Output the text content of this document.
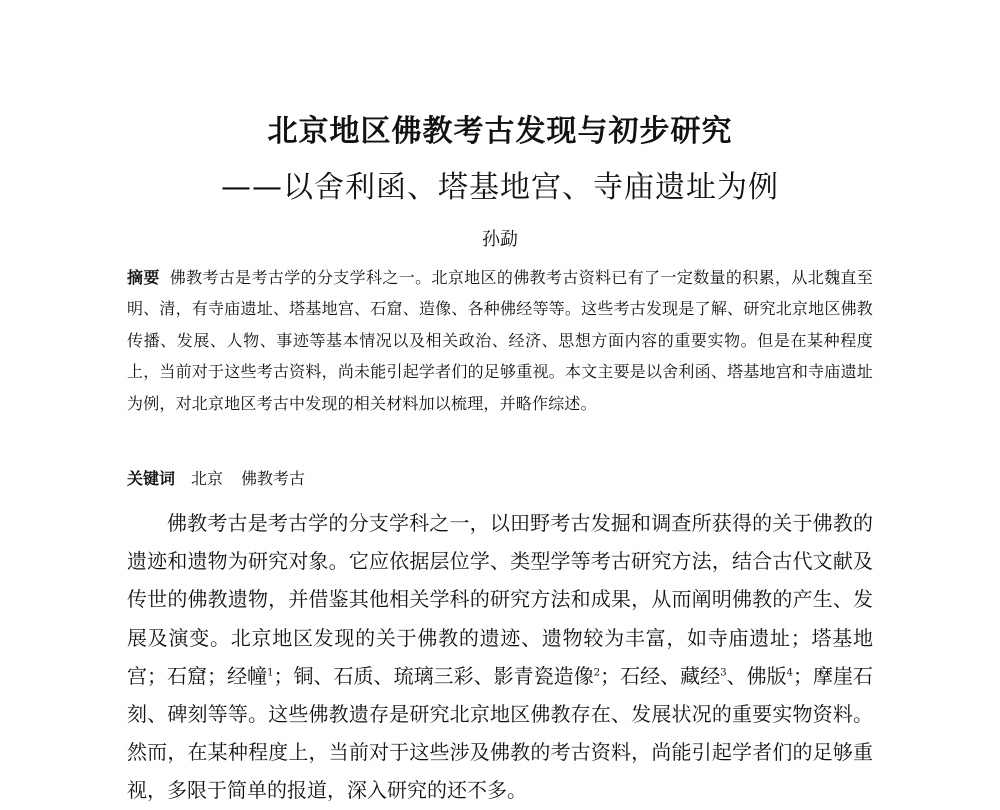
北京地区佛教考古发现与初步研究
——以舍利函、塔基地宫、寺庙遗址为例
孙勐

摘要 佛教考古是考古学的分支学科之一。北京地区的佛教考古资料已有了一定数量的积累，从北魏直至明、清，有寺庙遗址、塔基地宫、石窟、造像、各种佛经等等。这些考古发现是了解、研究北京地区佛教传播、发展、人物、事迹等基本情况以及相关政治、经济、思想方面内容的重要实物。但是在某种程度上，当前对于这些考古资料，尚未能引起学者们的足够重视。本文主要是以舍利函、塔基地宫和寺庙遗址为例，对北京地区考古中发现的相关材料加以梳理，并略作综述。

关键词 北京 佛教考古

佛教考古是考古学的分支学科之一，以田野考古发掘和调查所获得的关于佛教的遗迹和遗物为研究对象。它应依据层位学、类型学等考古研究方法，结合古代文献及传世的佛教遗物，并借鉴其他相关学科的研究方法和成果，从而阐明佛教的产生、发展及演变。北京地区发现的关于佛教的遗迹、遗物较为丰富，如寺庙遗址；塔基地宫；石窟；经幢$^1$；铜、石质、琉璃三彩、影青瓷造像$^2$；石经、藏经$^3$、佛版$^4$；摩崖石刻、碑刻等等。这些佛教遗存是研究北京地区佛教存在、发展状况的重要实物资料。然而，在某种程度上，当前对于这些涉及佛教的考古资料，尚能引起学者们的足够重视，多限于简单的报道，深入研究的还不多。
